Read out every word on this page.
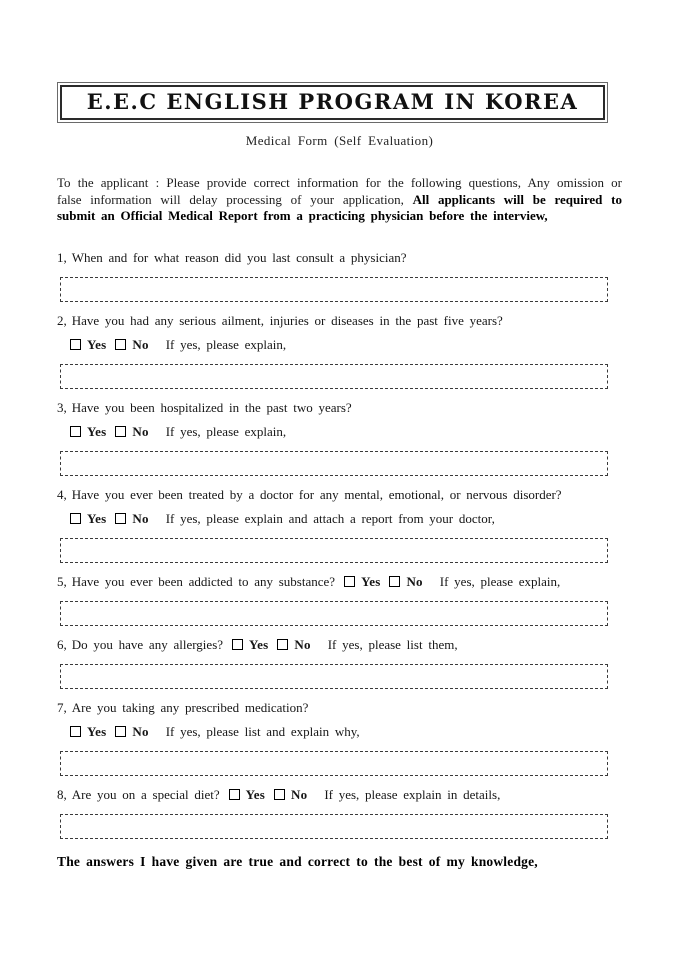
E.E.C ENGLISH PROGRAM IN KOREA
Medical Form (Self Evaluation)

To the applicant : Please provide correct information for the following questions, Any omission or false information will delay processing of your application, All applicants will be required to submit an Official Medical Report from a practicing physician before the interview,

1, When and for what reason did you last consult a physician?
2, Have you had any serious ailment, injuries or diseases in the past five years?
Yes No If yes, please explain,
3, Have you been hospitalized in the past two years?
Yes No If yes, please explain,
4, Have you ever been treated by a doctor for any mental, emotional, or nervous disorder?
Yes No If yes, please explain and attach a report from your doctor,
5, Have you ever been addicted to any substance? Yes No If yes, please explain,
6, Do you have any allergies? Yes No If yes, please list them,
7, Are you taking any prescribed medication?
Yes No If yes, please list and explain why,
8, Are you on a special diet? Yes No If yes, please explain in details,

The answers I have given are true and correct to the best of my knowledge,
